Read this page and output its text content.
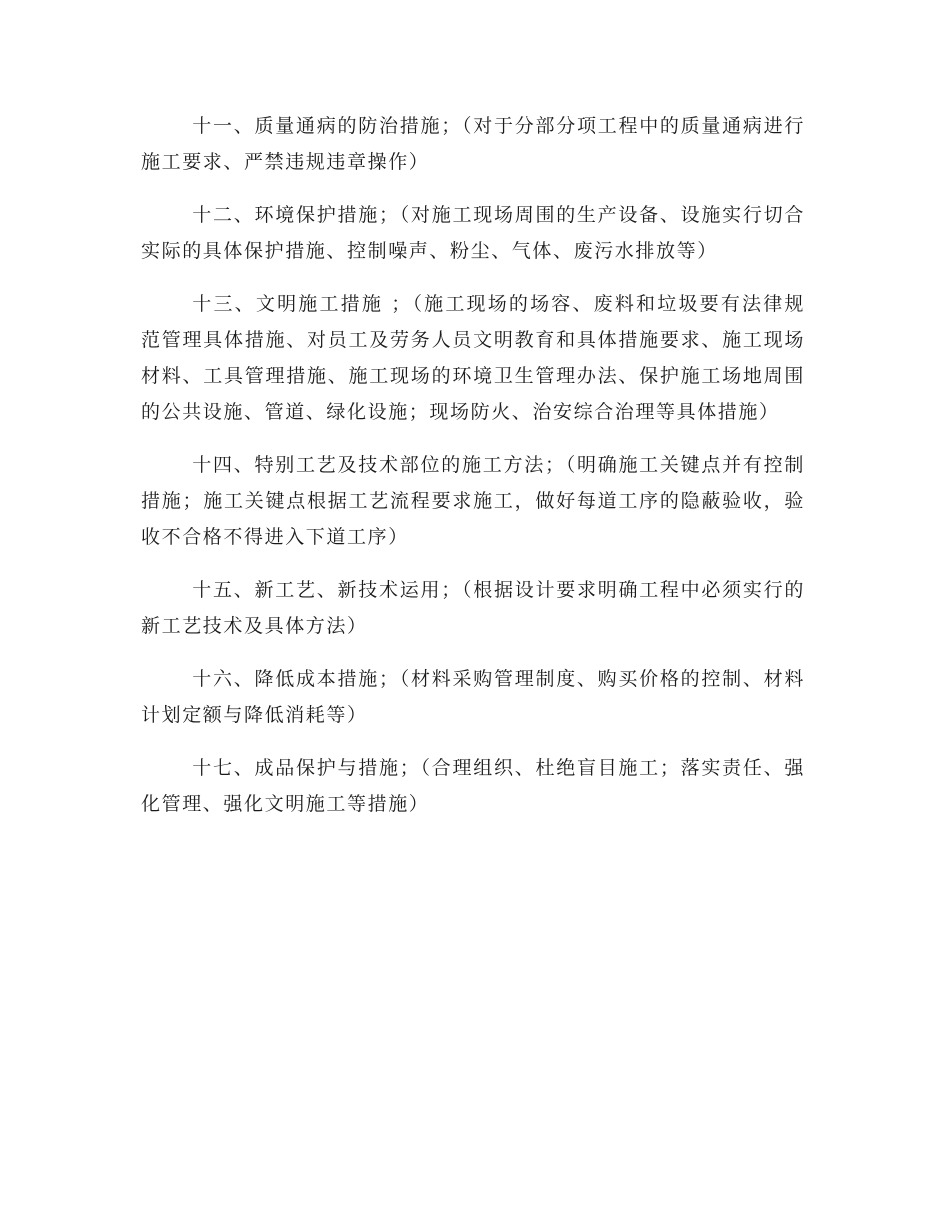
十一、质量通病的防治措施；（对于分部分项工程中的质量通病进行施工要求、严禁违规违章操作）

十二、环境保护措施；（对施工现场周围的生产设备、设施实行切合实际的具体保护措施、控制噪声、粉尘、气体、废污水排放等）

十三、文明施工措施 ；（施工现场的场容、废料和垃圾要有法律规范管理具体措施、对员工及劳务人员文明教育和具体措施要求、施工现场材料、工具管理措施、施工现场的环境卫生管理办法、保护施工场地周围的公共设施、管道、绿化设施；现场防火、治安综合治理等具体措施）

十四、特别工艺及技术部位的施工方法；（明确施工关键点并有控制措施；施工关键点根据工艺流程要求施工，做好每道工序的隐蔽验收，验收不合格不得进入下道工序）

十五、新工艺、新技术运用；（根据设计要求明确工程中必须实行的新工艺技术及具体方法）

十六、降低成本措施；（材料采购管理制度、购买价格的控制、材料计划定额与降低消耗等）

十七、成品保护与措施；（合理组织、杜绝盲目施工；落实责任、强化管理、强化文明施工等措施）
